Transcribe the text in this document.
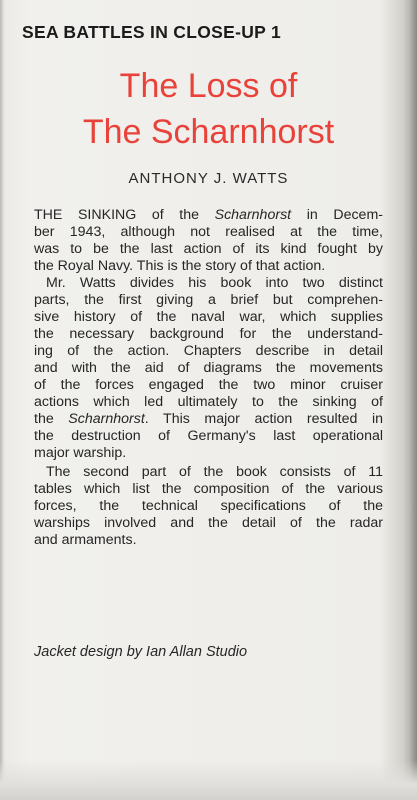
SEA BATTLES IN CLOSE-UP 1
The Loss of
The Scharnhorst
ANTHONY J. WATTS
THE SINKING of the Scharnhorst in Decem-
ber 1943, although not realised at the time,
was to be the last action of its kind fought by
the Royal Navy. This is the story of that action.
Mr. Watts divides his book into two distinct
parts, the first giving a brief but comprehen-
sive history of the naval war, which supplies
the necessary background for the understand-
ing of the action. Chapters describe in detail
and with the aid of diagrams the movements
of the forces engaged the two minor cruiser
actions which led ultimately to the sinking of
the Scharnhorst. This major action resulted in
the destruction of Germany's last operational
major warship.
The second part of the book consists of 11
tables which list the composition of the various
forces, the technical specifications of the
warships involved and the detail of the radar
and armaments.
Jacket design by Ian Allan Studio
